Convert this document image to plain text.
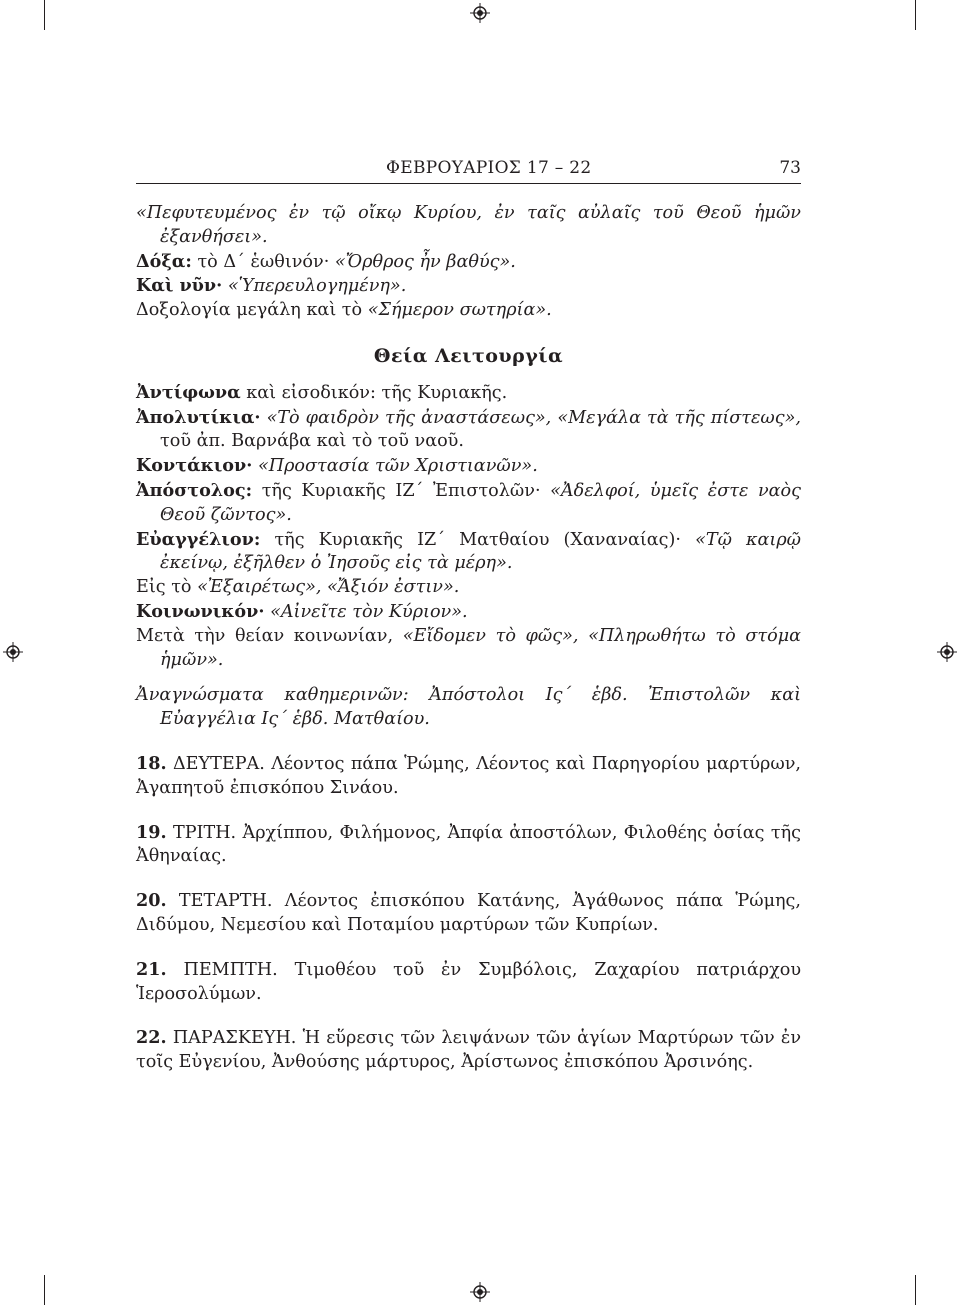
ΦΕΒΡΟΥΑΡΙΟΣ 17 – 22	73

«Πεφυτευμένος ἐν τῷ οἴκῳ Κυρίου, ἐν ταῖς αὐλαῖς τοῦ Θεοῦ ἡμῶν ἐξανθήσει».

Δόξα: τὸ Δ΄ ἑωθινόν· «Ὄρθρος ἦν βαθύς».

Καὶ νῦν· «Ὑπερευλογημένη».

Δοξολογία μεγάλη καὶ τὸ «Σήμερον σωτηρία».

Θεία Λειτουργία

Ἀντίφωνα καὶ εἰσοδικόν: τῆς Κυριακῆς.

Ἀπολυτίκια· «Τὸ φαιδρὸν τῆς ἀναστάσεως», «Μεγάλα τὰ τῆς πίστεως», τοῦ ἀπ. Βαρνάβα καὶ τὸ τοῦ ναοῦ.

Κοντάκιον· «Προστασία τῶν Χριστιανῶν».

Ἀπόστολος: τῆς Κυριακῆς ΙΖ΄ Ἐπιστολῶν· «Ἀδελφοί, ὑμεῖς ἐστε ναὸς Θεοῦ ζῶντος».

Εὐαγγέλιον: τῆς Κυριακῆς ΙΖ΄ Ματθαίου (Χαναναίας)· «Τῷ καιρῷ ἐκείνῳ, ἐξῆλθεν ὁ Ἰησοῦς εἰς τὰ μέρη».

Εἰς τὸ «Ἐξαιρέτως», «Ἄξιόν ἐστιν».

Κοινωνικόν· «Αἰνεῖτε τὸν Κύριον».

Μετὰ τὴν θείαν κοινωνίαν, «Εἴδομεν τὸ φῶς», «Πληρωθήτω τὸ στόμα ἡμῶν».

Ἀναγνώσματα καθημερινῶν: Ἀπόστολοι Ις΄ ἑβδ. Ἐπιστολῶν καὶ Εὐαγγέλια Ις΄ ἑβδ. Ματθαίου.

18. ΔΕΥΤΕΡΑ. Λέοντος πάπα Ῥώμης, Λέοντος καὶ Παρηγορίου μαρτύρων, Ἀγαπητοῦ ἐπισκόπου Σινάου.

19. ΤΡΙΤΗ. Ἀρχίππου, Φιλήμονος, Ἀπφία ἀποστόλων, Φιλοθέης ὁσίας τῆς Ἀθηναίας.

20. ΤΕΤΑΡΤΗ. Λέοντος ἐπισκόπου Κατάνης, Ἀγάθωνος πάπα Ῥώμης, Διδύμου, Νεμεσίου καὶ Ποταμίου μαρτύρων τῶν Κυπρίων.

21. ΠΕΜΠΤΗ. Τιμοθέου τοῦ ἐν Συμβόλοις, Ζαχαρίου πατριάρχου Ἱεροσολύμων.

22. ΠΑΡΑΣΚΕΥΗ. Ἡ εὕρεσις τῶν λειψάνων τῶν ἁγίων Μαρτύρων τῶν ἐν τοῖς Εὐγενίου, Ἀνθούσης μάρτυρος, Ἀρίστωνος ἐπισκόπου Ἀρσινόης.
